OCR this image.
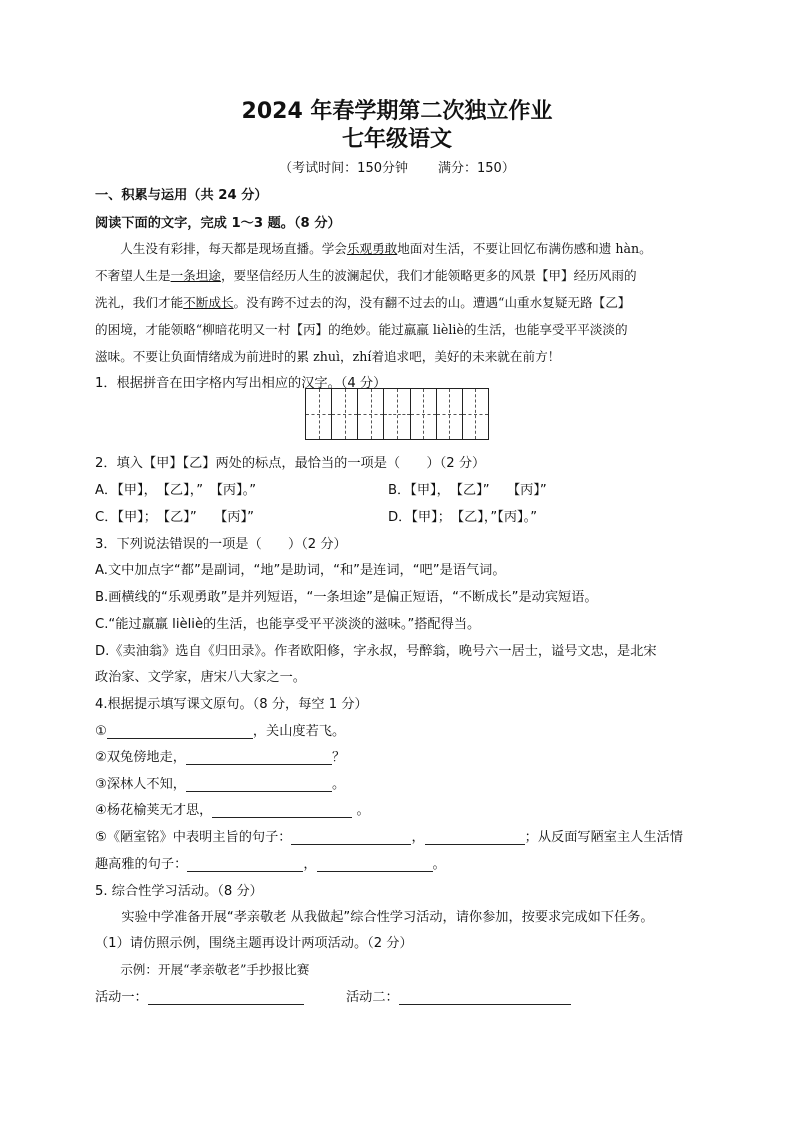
2024 年春学期第二次独立作业
七年级语文
（考试时间：150分钟 满分：150）
一、积累与运用（共 24 分）
阅读下面的文字，完成 1～3 题。（8 分）
　　人生没有彩排，每天都是现场直播。学会乐观勇敢地面对生活，不要让回忆布满伤感和遗 hàn。
不奢望人生是一条坦途，要坚信经历人生的波澜起伏，我们才能领略更多的风景【甲】经历风雨的
洗礼，我们才能不断成长。没有跨不过去的沟，没有翻不过去的山。遭遇“山重水复疑无路【乙】
的困境，才能领略“柳暗花明又一村【丙】的绝妙。能过羸羸 lièliè的生活，也能享受平平淡淡的
滋味。不要让负面情绪成为前进时的累 zhuì，zhí着追求吧，美好的未来就在前方！
1．根据拼音在田字格内写出相应的汉字。（4 分）
2．填入【甲】【乙】两处的标点，最恰当的一项是（　　）（2 分）
A．【甲】，　【乙】，”　【丙】。”	B．【甲】，　【乙】”　 【丙】”
C．【甲】；　【乙】”　 【丙】”	D．【甲】；　【乙】，”【丙】。”
3．下列说法错误的一项是（　　）（2 分）
A.文中加点字“都”是副词，“地”是助词，“和”是连词，“吧”是语气词。
B.画横线的“乐观勇敢”是并列短语，“一条坦途”是偏正短语，“不断成长”是动宾短语。
C.“能过羸羸 lièliè的生活，也能享受平平淡淡的滋味。”搭配得当。
D.《卖油翁》选自《归田录》。作者欧阳修，字永叔，号醉翁，晚号六一居士，谥号文忠，是北宋
政治家、文学家，唐宋八大家之一。
4.根据提示填写课文原句。（8 分，每空 1 分）
①	，关山度若飞。
②双兔傍地走，	？
③深林人不知，	。
④杨花榆荚无才思，	。
⑤《陋室铭》中表明主旨的句子：	，	；从反面写陋室主人生活情
趣高雅的句子：	，	。
5. 综合性学习活动。（8 分）
　　实验中学准备开展“孝亲敬老 从我做起”综合性学习活动，请你参加，按要求完成如下任务。
（1）请仿照示例，围绕主题再设计两项活动。（2 分）
　　示例：开展“孝亲敬老”手抄报比赛
活动一：	活动二：
